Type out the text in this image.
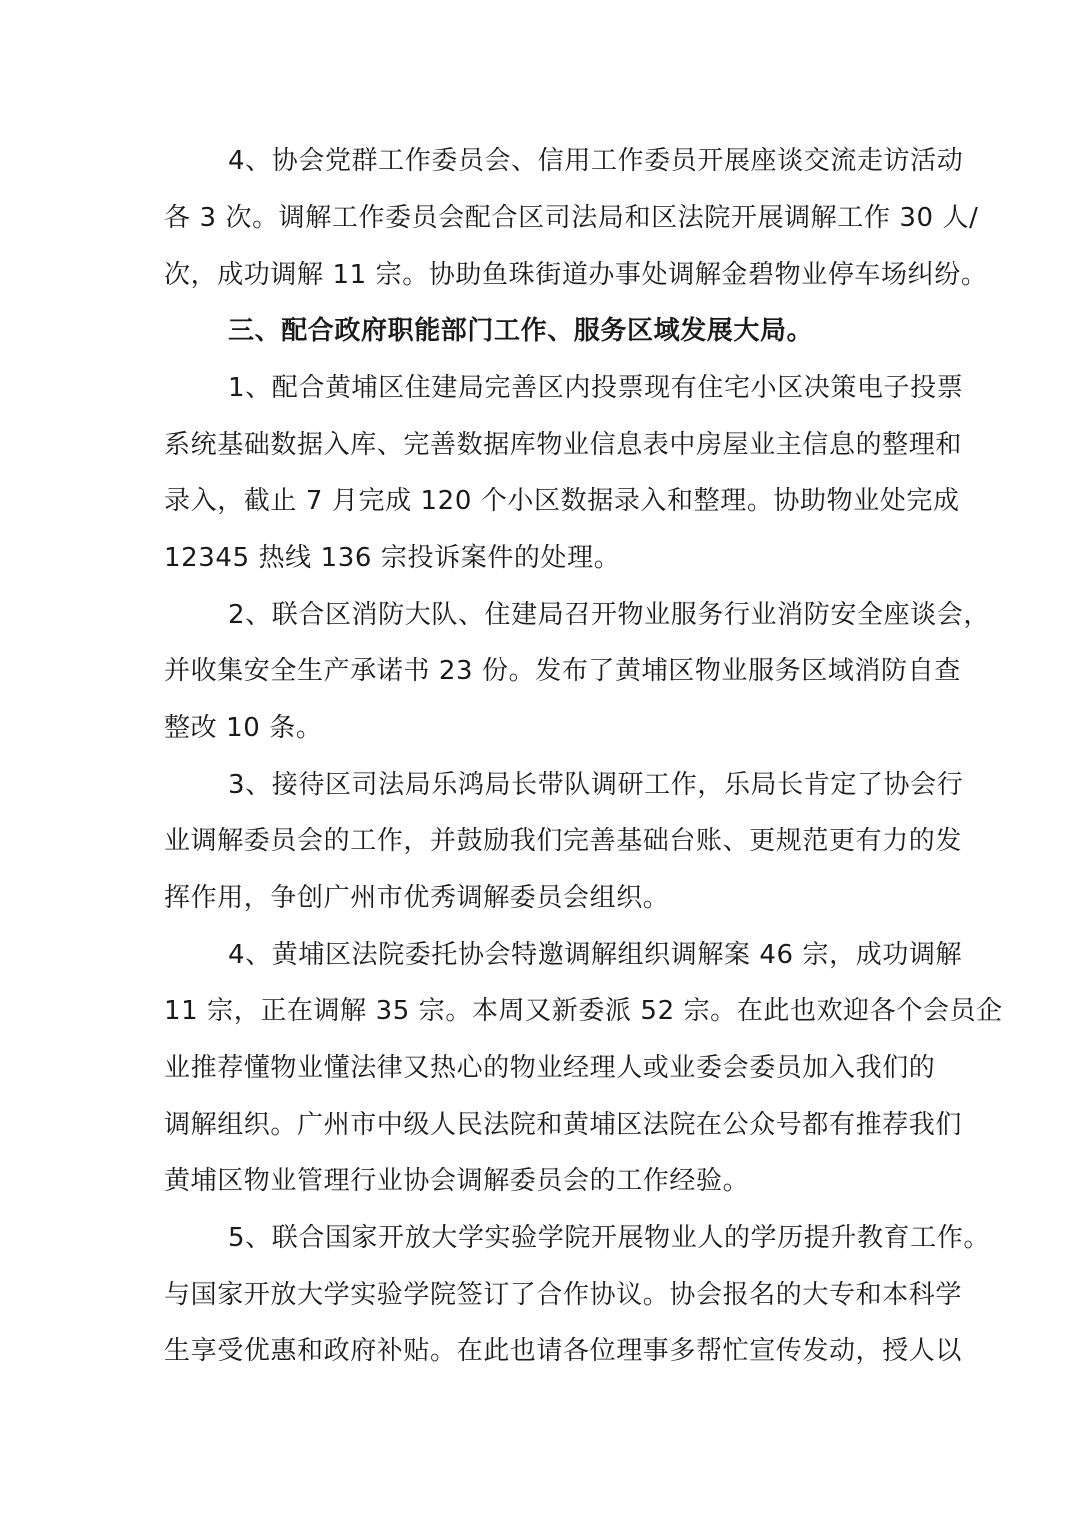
4、协会党群工作委员会、信用工作委员开展座谈交流走访活动
各 3 次。调解工作委员会配合区司法局和区法院开展调解工作 30 人/
次，成功调解 11 宗。协助鱼珠街道办事处调解金碧物业停车场纠纷。
三、配合政府职能部门工作、服务区域发展大局。
1、配合黄埔区住建局完善区内投票现有住宅小区决策电子投票
系统基础数据入库、完善数据库物业信息表中房屋业主信息的整理和
录入，截止 7 月完成 120 个小区数据录入和整理。协助物业处完成
12345 热线 136 宗投诉案件的处理。
2、联合区消防大队、住建局召开物业服务行业消防安全座谈会，
并收集安全生产承诺书 23 份。发布了黄埔区物业服务区域消防自查
整改 10 条。
3、接待区司法局乐鸿局长带队调研工作，乐局长肯定了协会行
业调解委员会的工作，并鼓励我们完善基础台账、更规范更有力的发
挥作用，争创广州市优秀调解委员会组织。
4、黄埔区法院委托协会特邀调解组织调解案 46 宗，成功调解
11 宗，正在调解 35 宗。本周又新委派 52 宗。在此也欢迎各个会员企
业推荐懂物业懂法律又热心的物业经理人或业委会委员加入我们的
调解组织。广州市中级人民法院和黄埔区法院在公众号都有推荐我们
黄埔区物业管理行业协会调解委员会的工作经验。
5、联合国家开放大学实验学院开展物业人的学历提升教育工作。
与国家开放大学实验学院签订了合作协议。协会报名的大专和本科学
生享受优惠和政府补贴。在此也请各位理事多帮忙宣传发动，授人以
